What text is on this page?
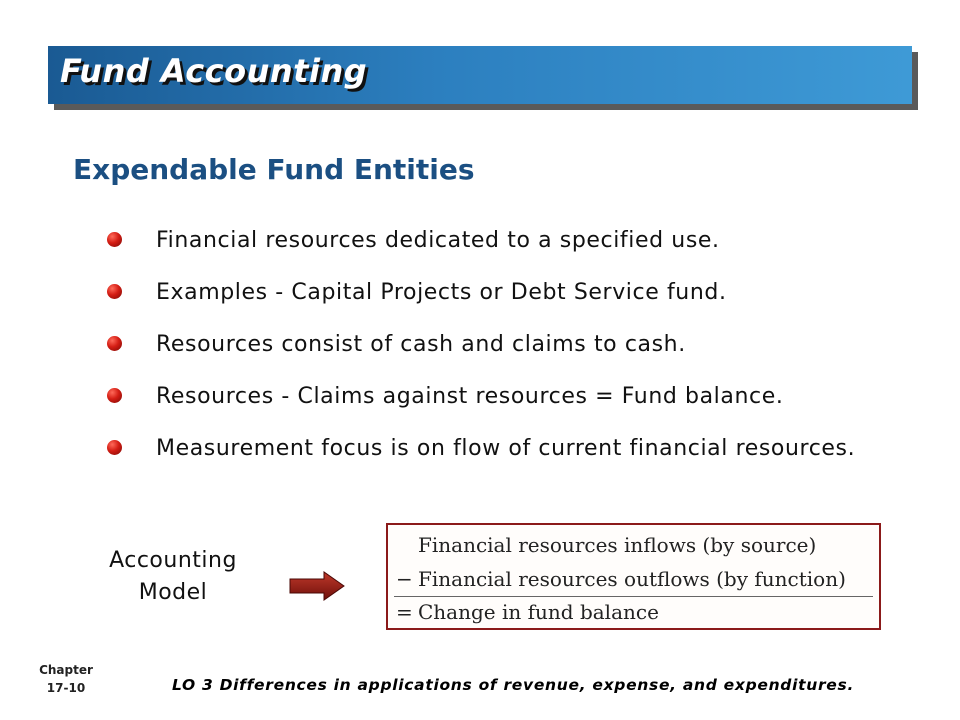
Fund Accounting
Expendable Fund Entities
Financial resources dedicated to a specified use.
Examples - Capital Projects or Debt Service fund.
Resources consist of cash and claims to cash.
Resources - Claims against resources = Fund balance.
Measurement focus is on flow of current financial resources.
Accounting
Model
Financial resources inflows (by source)
− Financial resources outflows (by function)
= Change in fund balance
Chapter
17-10	LO 3 Differences in applications of revenue, expense, and expenditures.
